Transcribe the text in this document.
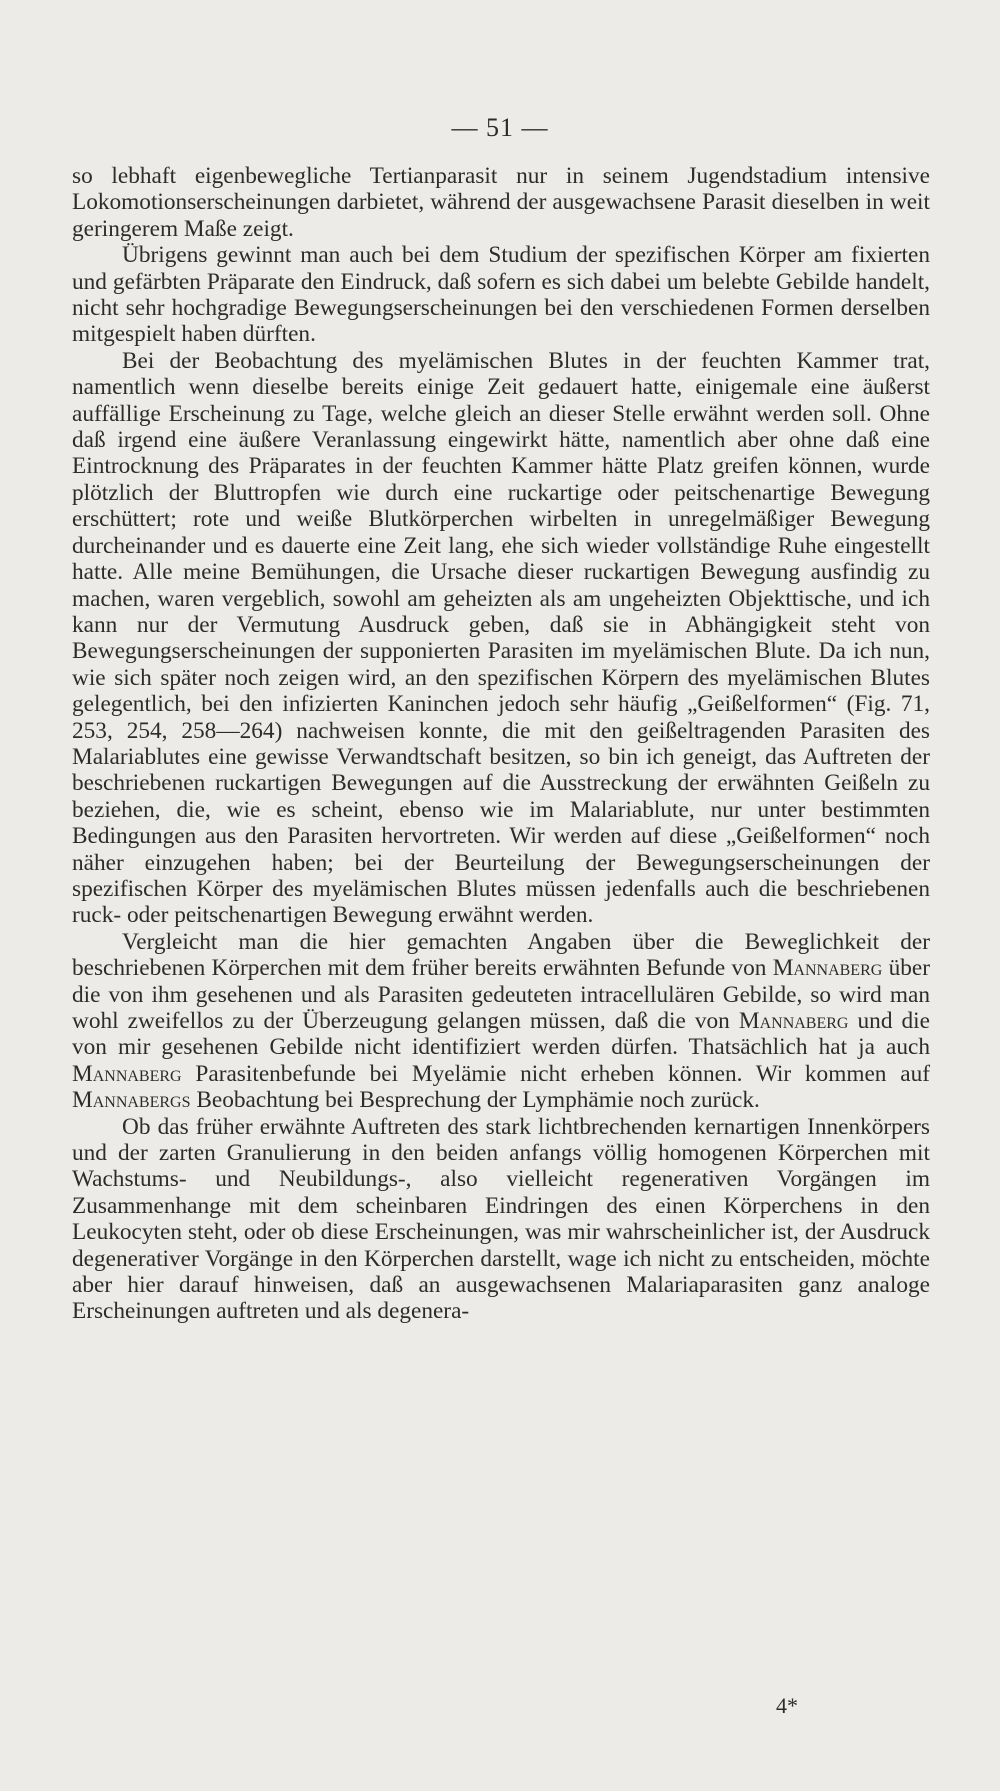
— 51 —

so lebhaft eigenbewegliche Tertianparasit nur in seinem Jugendstadium intensive Lokomotionserscheinungen darbietet, während der ausgewachsene Parasit dieselben in weit geringerem Maße zeigt.

Übrigens gewinnt man auch bei dem Studium der spezifischen Körper am fixierten und gefärbten Präparate den Eindruck, daß sofern es sich dabei um belebte Gebilde handelt, nicht sehr hochgradige Bewegungserscheinungen bei den verschiedenen Formen derselben mitgespielt haben dürften.

Bei der Beobachtung des myelämischen Blutes in der feuchten Kammer trat, namentlich wenn dieselbe bereits einige Zeit gedauert hatte, einigemale eine äußerst auffällige Erscheinung zu Tage, welche gleich an dieser Stelle erwähnt werden soll. Ohne daß irgend eine äußere Veranlassung eingewirkt hätte, namentlich aber ohne daß eine Eintrocknung des Präparates in der feuchten Kammer hätte Platz greifen können, wurde plötzlich der Bluttropfen wie durch eine ruckartige oder peitschenartige Bewegung erschüttert; rote und weiße Blutkörperchen wirbelten in unregelmäßiger Bewegung durcheinander und es dauerte eine Zeit lang, ehe sich wieder vollständige Ruhe eingestellt hatte. Alle meine Bemühungen, die Ursache dieser ruckartigen Bewegung ausfindig zu machen, waren vergeblich, sowohl am geheizten als am ungeheizten Objekttische, und ich kann nur der Vermutung Ausdruck geben, daß sie in Abhängigkeit steht von Bewegungserscheinungen der supponierten Parasiten im myelämischen Blute. Da ich nun, wie sich später noch zeigen wird, an den spezifischen Körpern des myelämischen Blutes gelegentlich, bei den infizierten Kaninchen jedoch sehr häufig „Geißelformen“ (Fig. 71, 253, 254, 258—264) nachweisen konnte, die mit den geißeltragenden Parasiten des Malariablutes eine gewisse Verwandtschaft besitzen, so bin ich geneigt, das Auftreten der beschriebenen ruckartigen Bewegungen auf die Ausstreckung der erwähnten Geißeln zu beziehen, die, wie es scheint, ebenso wie im Malariablute, nur unter bestimmten Bedingungen aus den Parasiten hervortreten. Wir werden auf diese „Geißelformen“ noch näher einzugehen haben; bei der Beurteilung der Bewegungserscheinungen der spezifischen Körper des myelämischen Blutes müssen jedenfalls auch die beschriebenen ruck- oder peitschenartigen Bewegung erwähnt werden.

Vergleicht man die hier gemachten Angaben über die Beweglichkeit der beschriebenen Körperchen mit dem früher bereits erwähnten Befunde von Mannaberg über die von ihm gesehenen und als Parasiten gedeuteten intracellulären Gebilde, so wird man wohl zweifellos zu der Überzeugung gelangen müssen, daß die von Mannaberg und die von mir gesehenen Gebilde nicht identifiziert werden dürfen. Thatsächlich hat ja auch Mannaberg Parasitenbefunde bei Myelämie nicht erheben können. Wir kommen auf Mannabergs Beobachtung bei Besprechung der Lymphämie noch zurück.

Ob das früher erwähnte Auftreten des stark lichtbrechenden kernartigen Innenkörpers und der zarten Granulierung in den beiden anfangs völlig homogenen Körperchen mit Wachstums- und Neubildungs-, also vielleicht regenerativen Vorgängen im Zusammenhange mit dem scheinbaren Eindringen des einen Körperchens in den Leukocyten steht, oder ob diese Erscheinungen, was mir wahrscheinlicher ist, der Ausdruck degenerativer Vorgänge in den Körperchen darstellt, wage ich nicht zu entscheiden, möchte aber hier darauf hinweisen, daß an ausgewachsenen Malariaparasiten ganz analoge Erscheinungen auftreten und als degenera-

4*
